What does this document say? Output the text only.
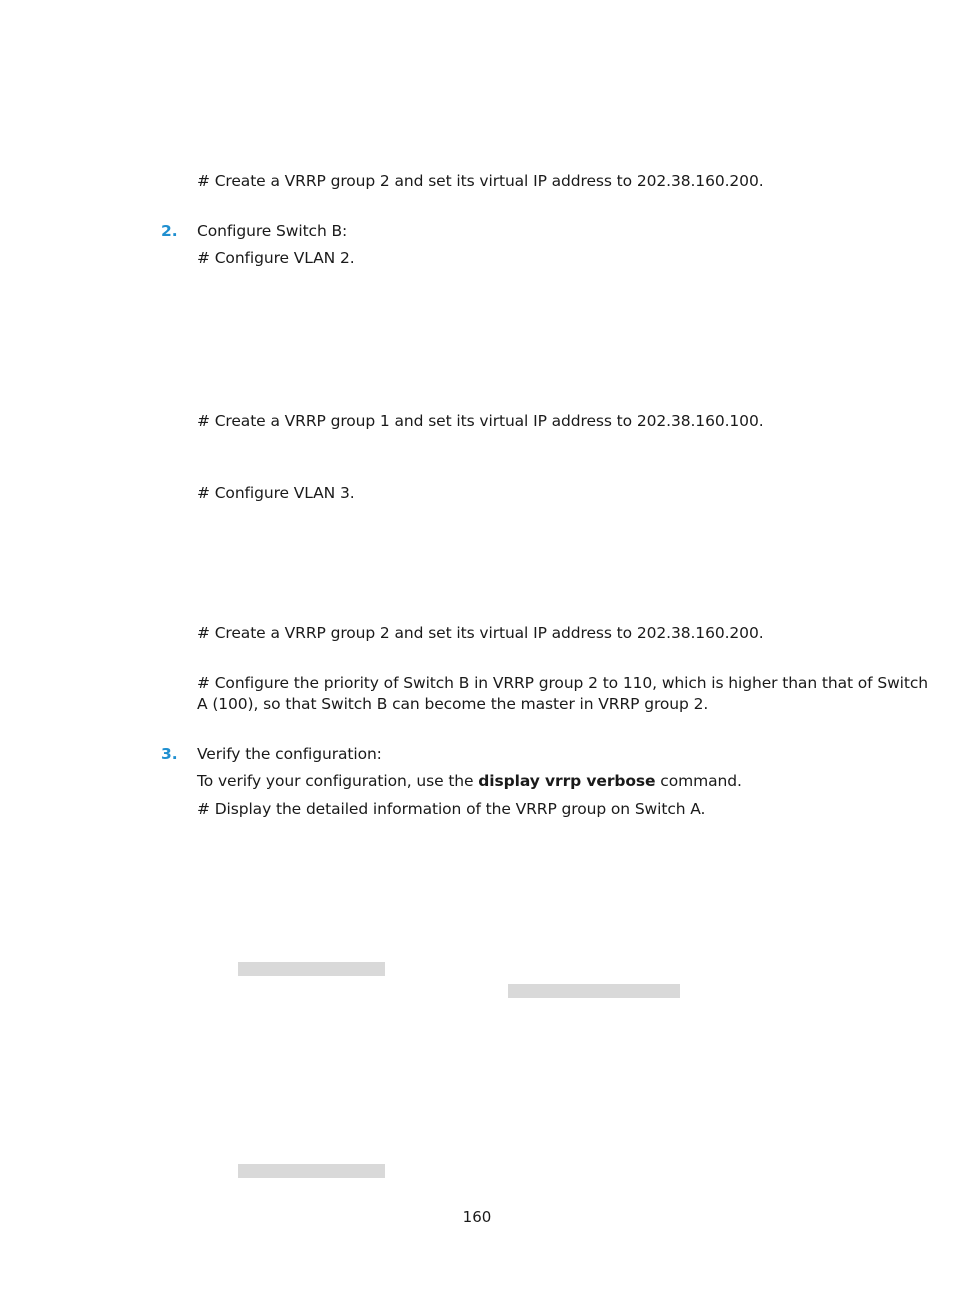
# Create a VRRP group 2 and set its virtual IP address to 202.38.160.200.
2. Configure Switch B:
# Configure VLAN 2.
# Create a VRRP group 1 and set its virtual IP address to 202.38.160.100.
# Configure VLAN 3.
# Create a VRRP group 2 and set its virtual IP address to 202.38.160.200.
# Configure the priority of Switch B in VRRP group 2 to 110, which is higher than that of Switch
A (100), so that Switch B can become the master in VRRP group 2.
3. Verify the configuration:
To verify your configuration, use the display vrrp verbose command.
# Display the detailed information of the VRRP group on Switch A.
160
